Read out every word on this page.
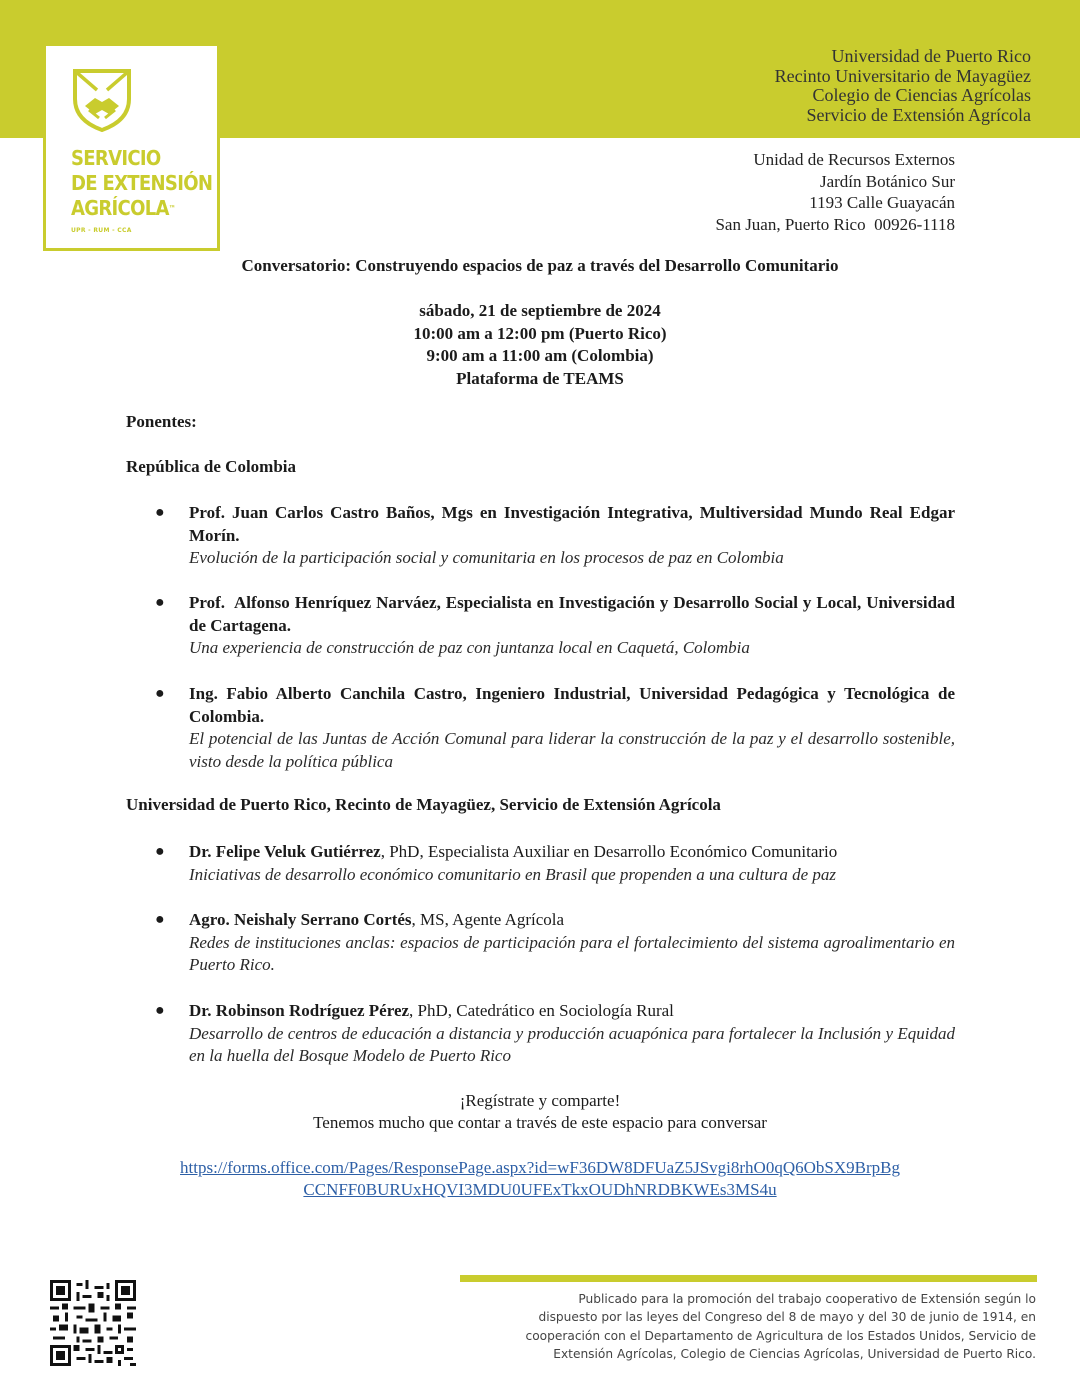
SERVICIO
DE EXTENSIÓN
AGRÍCOLA™
UPR - RUM - CCA
Universidad de Puerto Rico
Recinto Universitario de Mayagüez
Colegio de Ciencias Agrícolas
Servicio de Extensión Agrícola
Unidad de Recursos Externos
Jardín Botánico Sur
1193 Calle Guayacán
San Juan, Puerto Rico  00926-1118
Conversatorio: Construyendo espacios de paz a través del Desarrollo Comunitario
sábado, 21 de septiembre de 2024
10:00 am a 12:00 pm (Puerto Rico)
9:00 am a 11:00 am (Colombia)
Plataforma de TEAMS
Ponentes:
República de Colombia
● Prof. Juan Carlos Castro Baños, Mgs en Investigación Integrativa, Multiversidad Mundo Real Edgar Morín.
Evolución de la participación social y comunitaria en los procesos de paz en Colombia
● Prof.  Alfonso Henríquez Narváez, Especialista en Investigación y Desarrollo Social y Local, Universidad de Cartagena.
Una experiencia de construcción de paz con juntanza local en Caquetá, Colombia
● Ing. Fabio Alberto Canchila Castro, Ingeniero Industrial, Universidad Pedagógica y Tecnológica de Colombia.
El potencial de las Juntas de Acción Comunal para liderar la construcción de la paz y el desarrollo sostenible, visto desde la política pública
Universidad de Puerto Rico, Recinto de Mayagüez, Servicio de Extensión Agrícola
● Dr. Felipe Veluk Gutiérrez, PhD, Especialista Auxiliar en Desarrollo Económico Comunitario
Iniciativas de desarrollo económico comunitario en Brasil que propenden a una cultura de paz
● Agro. Neishaly Serrano Cortés, MS, Agente Agrícola
Redes de instituciones anclas: espacios de participación para el fortalecimiento del sistema agroalimentario en Puerto Rico.
● Dr. Robinson Rodríguez Pérez, PhD, Catedrático en Sociología Rural
Desarrollo de centros de educación a distancia y producción acuapónica para fortalecer la Inclusión y Equidad en la huella del Bosque Modelo de Puerto Rico
¡Regístrate y comparte!
Tenemos mucho que contar a través de este espacio para conversar
https://forms.office.com/Pages/ResponsePage.aspx?id=wF36DW8DFUaZ5JSvgi8rhO0qQ6ObSX9BrpBg
CCNFF0BURUxHQVI3MDU0UFExTkxOUDhNRDBKWEs3MS4u
Publicado para la promoción del trabajo cooperativo de Extensión según lo
dispuesto por las leyes del Congreso del 8 de mayo y del 30 de junio de 1914, en
cooperación con el Departamento de Agricultura de los Estados Unidos, Servicio de
Extensión Agrícolas, Colegio de Ciencias Agrícolas, Universidad de Puerto Rico.
